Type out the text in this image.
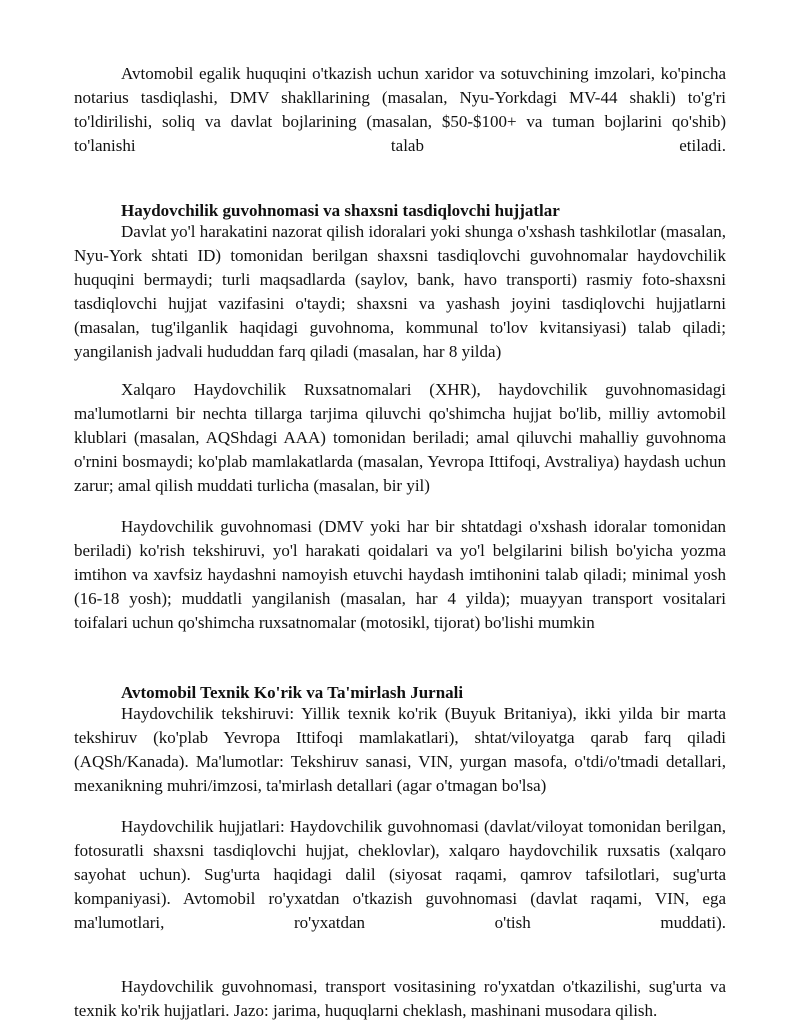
Avtomobil egalik huquqini o'tkazish uchun xaridor va sotuvchining imzolari, ko'pincha notarius tasdiqlashi, DMV shakllarining (masalan, Nyu-Yorkdagi MV-44 shakli) to'g'ri to'ldirilishi, soliq va davlat bojlarining (masalan, $50-$100+ va tuman bojlarini qo'shib) to'lanishi talab etiladi.

Haydovchilik guvohnomasi va shaxsni tasdiqlovchi hujjatlar

Davlat yo'l harakatini nazorat qilish idoralari yoki shunga o'xshash tashkilotlar (masalan, Nyu-York shtati ID) tomonidan berilgan shaxsni tasdiqlovchi guvohnomalar haydovchilik huquqini bermaydi; turli maqsadlarda (saylov, bank, havo transporti) rasmiy foto-shaxsni tasdiqlovchi hujjat vazifasini o'taydi; shaxsni va yashash joyini tasdiqlovchi hujjatlarni (masalan, tug'ilganlik haqidagi guvohnoma, kommunal to'lov kvitansiyasi) talab qiladi; yangilanish jadvali hududdan farq qiladi (masalan, har 8 yilda)

Xalqaro Haydovchilik Ruxsatnomalari (XHR), haydovchilik guvohnomasidagi ma'lumotlarni bir nechta tillarga tarjima qiluvchi qo'shimcha hujjat bo'lib, milliy avtomobil klublari (masalan, AQShdagi AAA) tomonidan beriladi; amal qiluvchi mahalliy guvohnoma o'rnini bosmaydi; ko'plab mamlakatlarda (masalan, Yevropa Ittifoqi, Avstraliya) haydash uchun zarur; amal qilish muddati turlicha (masalan, bir yil)

Haydovchilik guvohnomasi (DMV yoki har bir shtatdagi o'xshash idoralar tomonidan beriladi) ko'rish tekshiruvi, yo'l harakati qoidalari va yo'l belgilarini bilish bo'yicha yozma imtihon va xavfsiz haydashni namoyish etuvchi haydash imtihonini talab qiladi; minimal yosh (16-18 yosh); muddatli yangilanish (masalan, har 4 yilda); muayyan transport vositalari toifalari uchun qo'shimcha ruxsatnomalar (motosikl, tijorat) bo'lishi mumkin

Avtomobil Texnik Ko'rik va Ta'mirlash Jurnali

Haydovchilik tekshiruvi: Yillik texnik ko'rik (Buyuk Britaniya), ikki yilda bir marta tekshiruv (ko'plab Yevropa Ittifoqi mamlakatlari), shtat/viloyatga qarab farq qiladi (AQSh/Kanada). Ma'lumotlar: Tekshiruv sanasi, VIN, yurgan masofa, o'tdi/o'tmadi detallari, mexanikning muhri/imzosi, ta'mirlash detallari (agar o'tmagan bo'lsa)

Haydovchilik hujjatlari: Haydovchilik guvohnomasi (davlat/viloyat tomonidan berilgan, fotosuratli shaxsni tasdiqlovchi hujjat, cheklovlar), xalqaro haydovchilik ruxsatis (xalqaro sayohat uchun). Sug'urta haqidagi dalil (siyosat raqami, qamrov tafsilotlari, sug'urta kompaniyasi). Avtomobil ro'yxatdan o'tkazish guvohnomasi (davlat raqami, VIN, ega ma'lumotlari, ro'yxatdan o'tish muddati).

Haydovchilik guvohnomasi, transport vositasining ro'yxatdan o'tkazilishi, sug'urta va texnik ko'rik hujjatlari. Jazo: jarima, huquqlarni cheklash, mashinani musodara qilish.
